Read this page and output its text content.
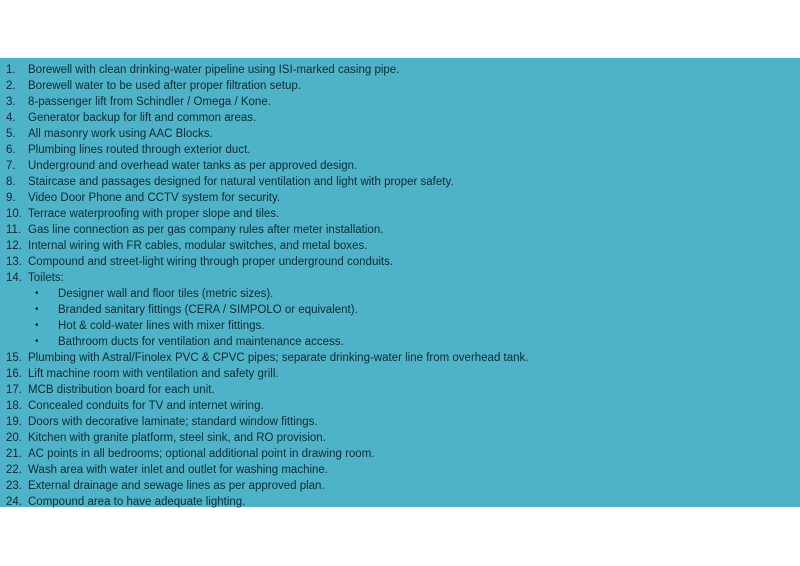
1. Borewell with clean drinking-water pipeline using ISI-marked casing pipe.
2. Borewell water to be used after proper filtration setup.
3. 8-passenger lift from Schindler / Omega / Kone.
4. Generator backup for lift and common areas.
5. All masonry work using AAC Blocks.
6. Plumbing lines routed through exterior duct.
7. Underground and overhead water tanks as per approved design.
8. Staircase and passages designed for natural ventilation and light with proper safety.
9. Video Door Phone and CCTV system for security.
10. Terrace waterproofing with proper slope and tiles.
11. Gas line connection as per gas company rules after meter installation.
12. Internal wiring with FR cables, modular switches, and metal boxes.
13. Compound and street-light wiring through proper underground conduits.
14. Toilets:
• Designer wall and floor tiles (metric sizes).
• Branded sanitary fittings (CERA / SIMPOLO or equivalent).
• Hot & cold-water lines with mixer fittings.
• Bathroom ducts for ventilation and maintenance access.
15. Plumbing with Astral/Finolex PVC & CPVC pipes; separate drinking-water line from overhead tank.
16. Lift machine room with ventilation and safety grill.
17. MCB distribution board for each unit.
18. Concealed conduits for TV and internet wiring.
19. Doors with decorative laminate; standard window fittings.
20. Kitchen with granite platform, steel sink, and RO provision.
21. AC points in all bedrooms; optional additional point in drawing room.
22. Wash area with water inlet and outlet for washing machine.
23. External drainage and sewage lines as per approved plan.
24. Compound area to have adequate lighting.
